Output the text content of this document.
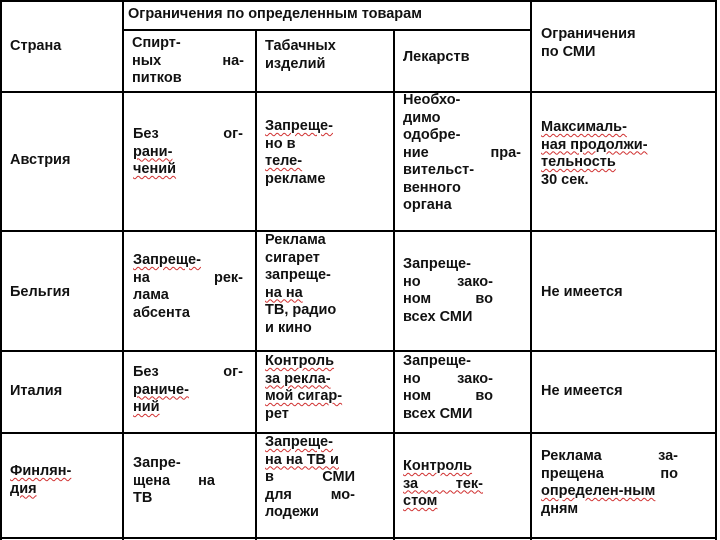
Страна
Ограничения по определенным товарам
Спирт-
ных на-
питков
Табачных
изделий	Лекарств
Ограничения
по СМИ
Австрия
Без ог-
рани-
чений
Запреще-
но в
теле-
рекламе
Необхо-
димо
одобре-
ние пра-
вительст-
венного
органа
Максималь-
ная продолжи-
тельность
30 сек.
Бельгия
Запреще-
на рек-
лама
абсента
Реклама
сигарет
запреще-
на на
ТВ, радио
и кино
Запреще-
но зако-
ном во
всех СМИ
Не имеется
Италия
Без ог-
раниче-
ний
Контроль
за рекла-
мой сигар-
рет
Запреще-
но зако-
ном во
всех СМИ
Не имеется
Финлян-
дия
Запре-
щена на
ТВ
Запреще-
на на ТВ и
в СМИ
для мо-
лодежи
Контроль
за тек-
стом
Реклама за-
прещена по
определен-ным
дням
